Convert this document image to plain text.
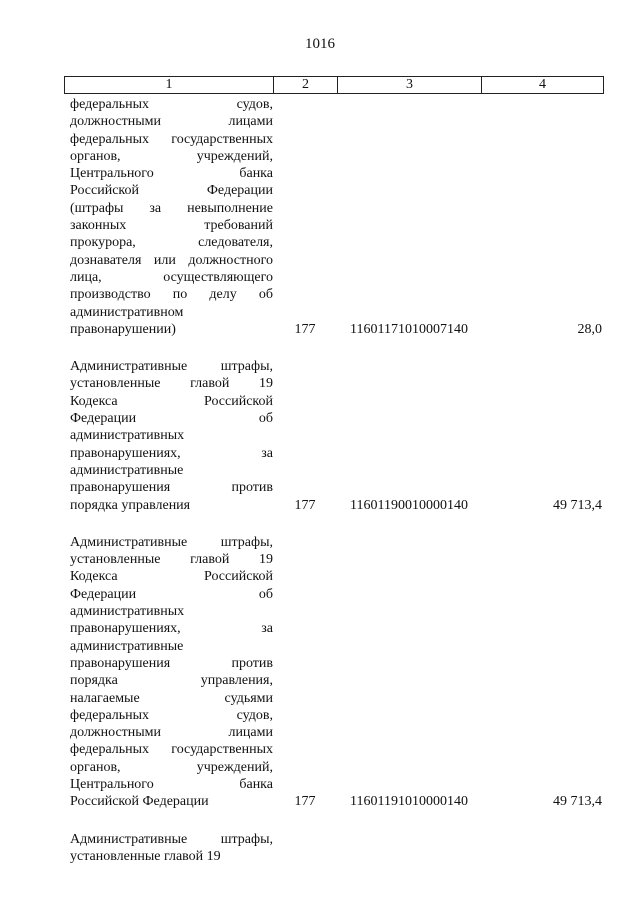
1016
1	2	3	4
федеральных судов,
должностными лицами
федеральных государственных
органов, учреждений,
Центрального банка
Российской Федерации
(штрафы за невыполнение
законных требований
прокурора, следователя,
дознавателя или должностного
лица, осуществляющего
производство по делу об
административном
правонарушении)	177	11601171010007140	28,0
Административные штрафы,
установленные главой 19
Кодекса Российской
Федерации об
административных
правонарушениях, за
административные
правонарушения против
порядка управления	177	11601190010000140	49 713,4
Административные штрафы,
установленные главой 19
Кодекса Российской
Федерации об
административных
правонарушениях, за
административные
правонарушения против
порядка управления,
налагаемые судьями
федеральных судов,
должностными лицами
федеральных государственных
органов, учреждений,
Центрального банка
Российской Федерации	177	11601191010000140	49 713,4
Административные штрафы,
установленные главой 19
